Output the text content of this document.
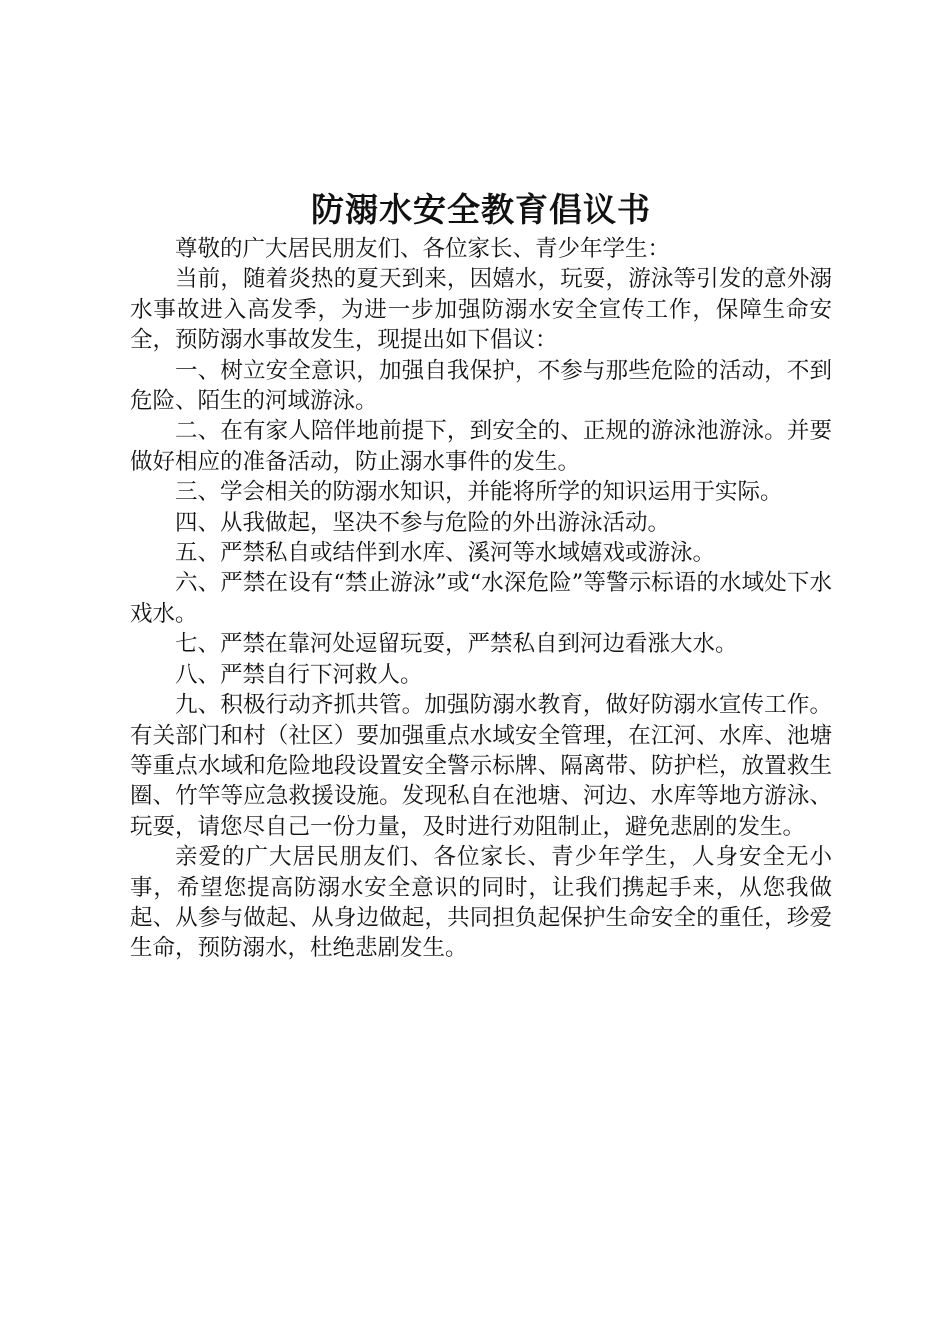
防溺水安全教育倡议书

尊敬的广大居民朋友们、各位家长、青少年学生：

当前，随着炎热的夏天到来，因嬉水，玩耍，游泳等引发的意外溺水事故进入高发季，为进一步加强防溺水安全宣传工作，保障生命安全，预防溺水事故发生，现提出如下倡议：

一、树立安全意识，加强自我保护，不参与那些危险的活动，不到危险、陌生的河域游泳。

二、在有家人陪伴地前提下，到安全的、正规的游泳池游泳。并要做好相应的准备活动，防止溺水事件的发生。

三、学会相关的防溺水知识，并能将所学的知识运用于实际。

四、从我做起，坚决不参与危险的外出游泳活动。

五、严禁私自或结伴到水库、溪河等水域嬉戏或游泳。

六、严禁在设有“禁止游泳”或“水深危险”等警示标语的水域处下水戏水。

七、严禁在靠河处逗留玩耍，严禁私自到河边看涨大水。

八、严禁自行下河救人。

九、积极行动齐抓共管。加强防溺水教育，做好防溺水宣传工作。有关部门和村（社区）要加强重点水域安全管理，在江河、水库、池塘等重点水域和危险地段设置安全警示标牌、隔离带、防护栏，放置救生圈、竹竿等应急救援设施。发现私自在池塘、河边、水库等地方游泳、玩耍，请您尽自己一份力量，及时进行劝阻制止，避免悲剧的发生。

亲爱的广大居民朋友们、各位家长、青少年学生，人身安全无小事，希望您提高防溺水安全意识的同时，让我们携起手来，从您我做起、从参与做起、从身边做起，共同担负起保护生命安全的重任，珍爱生命，预防溺水，杜绝悲剧发生。
